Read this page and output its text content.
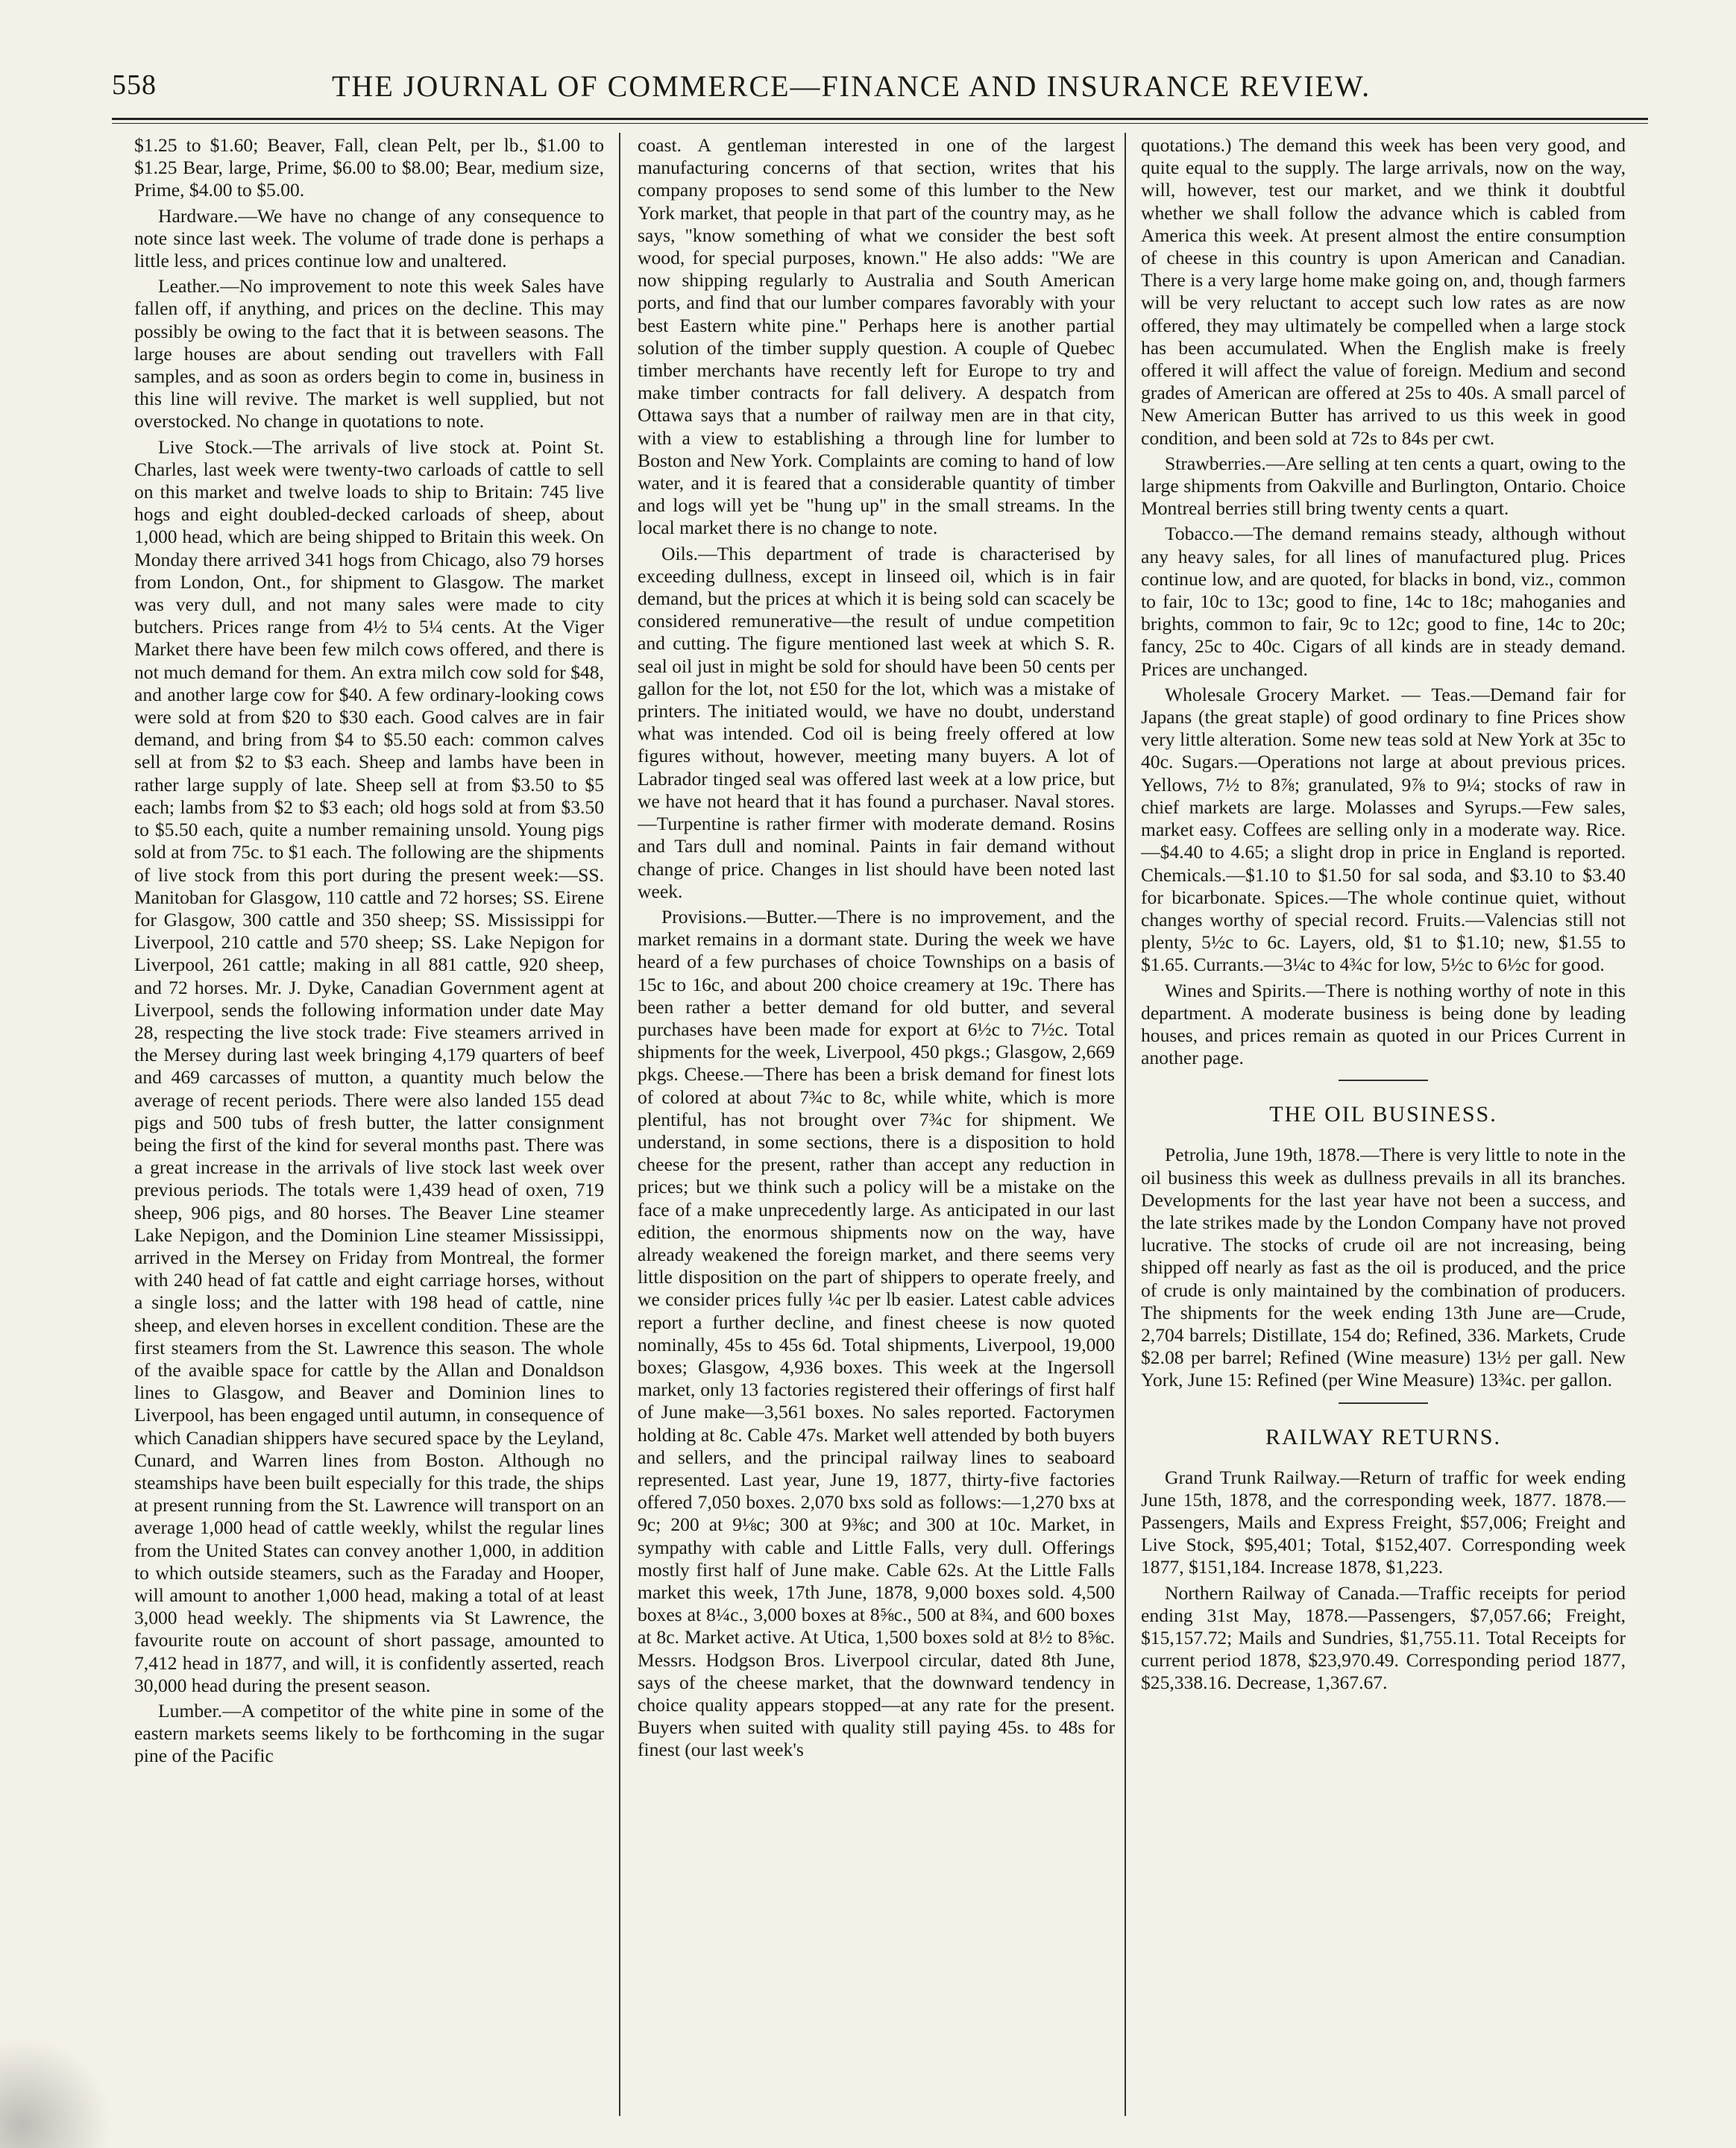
558	THE JOURNAL OF COMMERCE—FINANCE AND INSURANCE REVIEW.

$1.25 to $1.60; Beaver, Fall, clean Pelt, per lb., $1.00 to $1.25 Bear, large, Prime, $6.00 to $8.00; Bear, medium size, Prime, $4.00 to $5.00.

Hardware.—We have no change of any consequence to note since last week. The volume of trade done is perhaps a little less, and prices continue low and unaltered.

Leather.—No improvement to note this week Sales have fallen off, if anything, and prices on the decline. This may possibly be owing to the fact that it is between seasons. The large houses are about sending out travellers with Fall samples, and as soon as orders begin to come in, business in this line will revive. The market is well supplied, but not overstocked. No change in quotations to note.

Live Stock.—The arrivals of live stock at. Point St. Charles, last week were twenty-two carloads of cattle to sell on this market and twelve loads to ship to Britain: 745 live hogs and eight doubled-decked carloads of sheep, about 1,000 head, which are being shipped to Britain this week. On Monday there arrived 341 hogs from Chicago, also 79 horses from London, Ont., for shipment to Glasgow. The market was very dull, and not many sales were made to city butchers. Prices range from 4½ to 5¼ cents. At the Viger Market there have been few milch cows offered, and there is not much demand for them. An extra milch cow sold for $48, and another large cow for $40. A few ordinary-looking cows were sold at from $20 to $30 each. Good calves are in fair demand, and bring from $4 to $5.50 each: common calves sell at from $2 to $3 each. Sheep and lambs have been in rather large supply of late. Sheep sell at from $3.50 to $5 each; lambs from $2 to $3 each; old hogs sold at from $3.50 to $5.50 each, quite a number remaining unsold. Young pigs sold at from 75c. to $1 each. The following are the shipments of live stock from this port during the present week:—SS. Manitoban for Glasgow, 110 cattle and 72 horses; SS. Eirene for Glasgow, 300 cattle and 350 sheep; SS. Mississippi for Liverpool, 210 cattle and 570 sheep; SS. Lake Nepigon for Liverpool, 261 cattle; making in all 881 cattle, 920 sheep, and 72 horses. Mr. J. Dyke, Canadian Government agent at Liverpool, sends the following information under date May 28, respecting the live stock trade: Five steamers arrived in the Mersey during last week bringing 4,179 quarters of beef and 469 carcasses of mutton, a quantity much below the average of recent periods. There were also landed 155 dead pigs and 500 tubs of fresh butter, the latter consignment being the first of the kind for several months past. There was a great increase in the arrivals of live stock last week over previous periods. The totals were 1,439 head of oxen, 719 sheep, 906 pigs, and 80 horses. The Beaver Line steamer Lake Nepigon, and the Dominion Line steamer Mississippi, arrived in the Mersey on Friday from Montreal, the former with 240 head of fat cattle and eight carriage horses, without a single loss; and the latter with 198 head of cattle, nine sheep, and eleven horses in excellent condition. These are the first steamers from the St. Lawrence this season. The whole of the avaible space for cattle by the Allan and Donaldson lines to Glasgow, and Beaver and Dominion lines to Liverpool, has been engaged until autumn, in consequence of which Canadian shippers have secured space by the Leyland, Cunard, and Warren lines from Boston. Although no steamships have been built especially for this trade, the ships at present running from the St. Lawrence will transport on an average 1,000 head of cattle weekly, whilst the regular lines from the United States can convey another 1,000, in addition to which outside steamers, such as the Faraday and Hooper, will amount to another 1,000 head, making a total of at least 3,000 head weekly. The shipments via St Lawrence, the favourite route on account of short passage, amounted to 7,412 head in 1877, and will, it is confidently asserted, reach 30,000 head during the present season.

Lumber.—A competitor of the white pine in some of the eastern markets seems likely to be forthcoming in the sugar pine of the Pacific

coast. A gentleman interested in one of the largest manufacturing concerns of that section, writes that his company proposes to send some of this lumber to the New York market, that people in that part of the country may, as he says, "know something of what we consider the best soft wood, for special purposes, known." He also adds: "We are now shipping regularly to Australia and South American ports, and find that our lumber compares favorably with your best Eastern white pine." Perhaps here is another partial solution of the timber supply question. A couple of Quebec timber merchants have recently left for Europe to try and make timber contracts for fall delivery. A despatch from Ottawa says that a number of railway men are in that city, with a view to establishing a through line for lumber to Boston and New York. Complaints are coming to hand of low water, and it is feared that a considerable quantity of timber and logs will yet be "hung up" in the small streams. In the local market there is no change to note.

Oils.—This department of trade is characterised by exceeding dullness, except in linseed oil, which is in fair demand, but the prices at which it is being sold can scacely be considered remunerative—the result of undue competition and cutting. The figure mentioned last week at which S. R. seal oil just in might be sold for should have been 50 cents per gallon for the lot, not £50 for the lot, which was a mistake of printers. The initiated would, we have no doubt, understand what was intended. Cod oil is being freely offered at low figures without, however, meeting many buyers. A lot of Labrador tinged seal was offered last week at a low price, but we have not heard that it has found a purchaser. Naval stores.—Turpentine is rather firmer with moderate demand. Rosins and Tars dull and nominal. Paints in fair demand without change of price. Changes in list should have been noted last week.

Provisions.—Butter.—There is no improvement, and the market remains in a dormant state. During the week we have heard of a few purchases of choice Townships on a basis of 15c to 16c, and about 200 choice creamery at 19c. There has been rather a better demand for old butter, and several purchases have been made for export at 6½c to 7½c. Total shipments for the week, Liverpool, 450 pkgs.; Glasgow, 2,669 pkgs. Cheese.—There has been a brisk demand for finest lots of colored at about 7¾c to 8c, while white, which is more plentiful, has not brought over 7¾c for shipment. We understand, in some sections, there is a disposition to hold cheese for the present, rather than accept any reduction in prices; but we think such a policy will be a mistake on the face of a make unprecedently large. As anticipated in our last edition, the enormous shipments now on the way, have already weakened the foreign market, and there seems very little disposition on the part of shippers to operate freely, and we consider prices fully ¼c per lb easier. Latest cable advices report a further decline, and finest cheese is now quoted nominally, 45s to 45s 6d. Total shipments, Liverpool, 19,000 boxes; Glasgow, 4,936 boxes. This week at the Ingersoll market, only 13 factories registered their offerings of first half of June make—3,561 boxes. No sales reported. Factorymen holding at 8c. Cable 47s. Market well attended by both buyers and sellers, and the principal railway lines to seaboard represented. Last year, June 19, 1877, thirty-five factories offered 7,050 boxes. 2,070 bxs sold as follows:—1,270 bxs at 9c; 200 at 9⅛c; 300 at 9⅜c; and 300 at 10c. Market, in sympathy with cable and Little Falls, very dull. Offerings mostly first half of June make. Cable 62s. At the Little Falls market this week, 17th June, 1878, 9,000 boxes sold. 4,500 boxes at 8¼c., 3,000 boxes at 8⅝c., 500 at 8¾, and 600 boxes at 8c. Market active. At Utica, 1,500 boxes sold at 8½ to 8⅝c. Messrs. Hodgson Bros. Liverpool circular, dated 8th June, says of the cheese market, that the downward tendency in choice quality appears stopped—at any rate for the present. Buyers when suited with quality still paying 45s. to 48s for finest (our last week's

quotations.) The demand this week has been very good, and quite equal to the supply. The large arrivals, now on the way, will, however, test our market, and we think it doubtful whether we shall follow the advance which is cabled from America this week. At present almost the entire consumption of cheese in this country is upon American and Canadian. There is a very large home make going on, and, though farmers will be very reluctant to accept such low rates as are now offered, they may ultimately be compelled when a large stock has been accumulated. When the English make is freely offered it will affect the value of foreign. Medium and second grades of American are offered at 25s to 40s. A small parcel of New American Butter has arrived to us this week in good condition, and been sold at 72s to 84s per cwt.

Strawberries.—Are selling at ten cents a quart, owing to the large shipments from Oakville and Burlington, Ontario. Choice Montreal berries still bring twenty cents a quart.

Tobacco.—The demand remains steady, although without any heavy sales, for all lines of manufactured plug. Prices continue low, and are quoted, for blacks in bond, viz., common to fair, 10c to 13c; good to fine, 14c to 18c; mahoganies and brights, common to fair, 9c to 12c; good to fine, 14c to 20c; fancy, 25c to 40c. Cigars of all kinds are in steady demand. Prices are unchanged.

Wholesale Grocery Market. — Teas.—Demand fair for Japans (the great staple) of good ordinary to fine Prices show very little alteration. Some new teas sold at New York at 35c to 40c. Sugars.—Operations not large at about previous prices. Yellows, 7½ to 8⅞; granulated, 9⅞ to 9¼; stocks of raw in chief markets are large. Molasses and Syrups.—Few sales, market easy. Coffees are selling only in a moderate way. Rice.—$4.40 to 4.65; a slight drop in price in England is reported. Chemicals.—$1.10 to $1.50 for sal soda, and $3.10 to $3.40 for bicarbonate. Spices.—The whole continue quiet, without changes worthy of special record. Fruits.—Valencias still not plenty, 5½c to 6c. Layers, old, $1 to $1.10; new, $1.55 to $1.65. Currants.—3¼c to 4¾c for low, 5½c to 6½c for good.

Wines and Spirits.—There is nothing worthy of note in this department. A moderate business is being done by leading houses, and prices remain as quoted in our Prices Current in another page.

THE OIL BUSINESS.

Petrolia, June 19th, 1878.—There is very little to note in the oil business this week as dullness prevails in all its branches. Developments for the last year have not been a success, and the late strikes made by the London Company have not proved lucrative. The stocks of crude oil are not increasing, being shipped off nearly as fast as the oil is produced, and the price of crude is only maintained by the combination of producers. The shipments for the week ending 13th June are—Crude, 2,704 barrels; Distillate, 154 do; Refined, 336. Markets, Crude $2.08 per barrel; Refined (Wine measure) 13½ per gall. New York, June 15: Refined (per Wine Measure) 13¾c. per gallon.

RAILWAY RETURNS.

Grand Trunk Railway.—Return of traffic for week ending June 15th, 1878, and the corresponding week, 1877. 1878.—Passengers, Mails and Express Freight, $57,006; Freight and Live Stock, $95,401; Total, $152,407. Corresponding week 1877, $151,184. Increase 1878, $1,223.

Northern Railway of Canada.—Traffic receipts for period ending 31st May, 1878.—Passengers, $7,057.66; Freight, $15,157.72; Mails and Sundries, $1,755.11. Total Receipts for current period 1878, $23,970.49. Corresponding period 1877, $25,338.16. Decrease, 1,367.67.
